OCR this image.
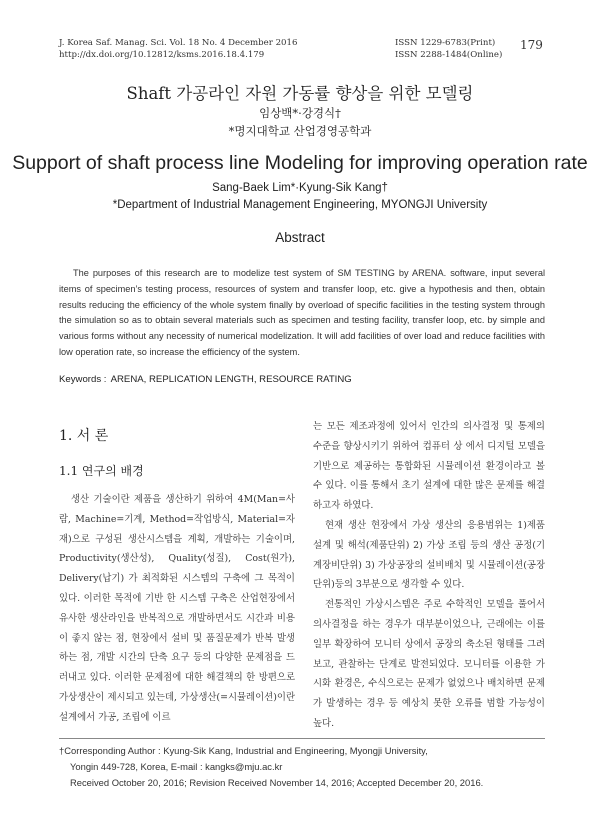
J. Korea Saf. Manag. Sci. Vol. 18 No. 4 December 2016
http://dx.doi.org/10.12812/ksms.2016.18.4.179
ISSN 1229-6783(Print)
ISSN 2288-1484(Online)
179
Shaft 가공라인 자원 가동률 향상을 위한 모델링
임상백*·강경식†
*명지대학교 산업경영공학과
Support of shaft process line Modeling for improving operation rate
Sang-Baek Lim*·Kyung-Sik Kang†
*Department of Industrial Management Engineering, MYONGJI University
Abstract

The purposes of this research are to modelize test system of SM TESTING by ARENA. software, input several items of specimen’s testing process, resources of system and transfer loop, etc. give a hypothesis and then, obtain results reducing the efficiency of the whole system finally by overload of specific facilities in the testing system through the simulation so as to obtain several materials such as specimen and testing facility, transfer loop, etc. by simple and various forms without any necessity of numerical modelization. It will add facilities of over load and reduce facilities with low operation rate, so increase the efficiency of the system.

Keywords : ARENA, REPLICATION LENGTH, RESOURCE RATING
1. 서 론
1.1 연구의 배경

생산 기술이란 제품을 생산하기 위하여 4M(Man=사람, Machine=기계, Method=작업방식, Material=자재)으로 구성된 생산시스템을 계획, 개발하는 기술이며, Productivity(생산성), Quality(성질), Cost(원가), Delivery(납기) 가 최적화된 시스템의 구축에 그 목적이 있다. 이러한 목적에 기반 한 시스템 구축은 산업현장에서 유사한 생산라인을 반복적으로 개발하면서도 시간과 비용이 좋지 않는 점, 현장에서 설비 및 품질문제가 반복 발생하는 점, 개발 시간의 단축 요구 등의 다양한 문제점을 드러내고 있다. 이러한 문제점에 대한 해결책의 한 방편으로 가상생산이 제시되고 있는데, 가상생산(=시뮬레이션)이란 설계에서 가공, 조립에 이르

는 모든 제조과정에 있어서 인간의 의사결정 및 통제의 수준을 향상시키기 위하여 컴퓨터 상 에서 디지털 모델을 기반으로 제공하는 통합화된 시뮬레이션 환경이라고 볼 수 있다. 이를 통해서 초기 설계에 대한 많은 문제를 해결하고자 하였다.

현재 생산 현장에서 가상 생산의 응용범위는 1)제품 설계 및 해석(제품단위) 2) 가상 조립 등의 생산 공정(기계장비단위) 3) 가상공장의 설비배치 및 시뮬레이션(공장단위)등의 3부분으로 생각할 수 있다.

전통적인 가상시스템은 주로 수학적인 모델을 풀어서 의사결정을 하는 경우가 대부분이었으나, 근래에는 이를 일부 확장하여 모니터 상에서 공장의 축소된 형태를 그려보고, 관찰하는 단계로 발전되었다. 모니터를 이용한 가시화 환경은, 수식으로는 문제가 없었으나 배치하면 문제가 발생하는 경우 등 예상치 못한 오류를 범할 가능성이 높다.

†Corresponding Author : Kyung-Sik Kang, Industrial and Engineering, Myongji University,
Yongin 449-728, Korea, E-mail : kangks@mju.ac.kr
Received October 20, 2016; Revision Received November 14, 2016; Accepted December 20, 2016.
